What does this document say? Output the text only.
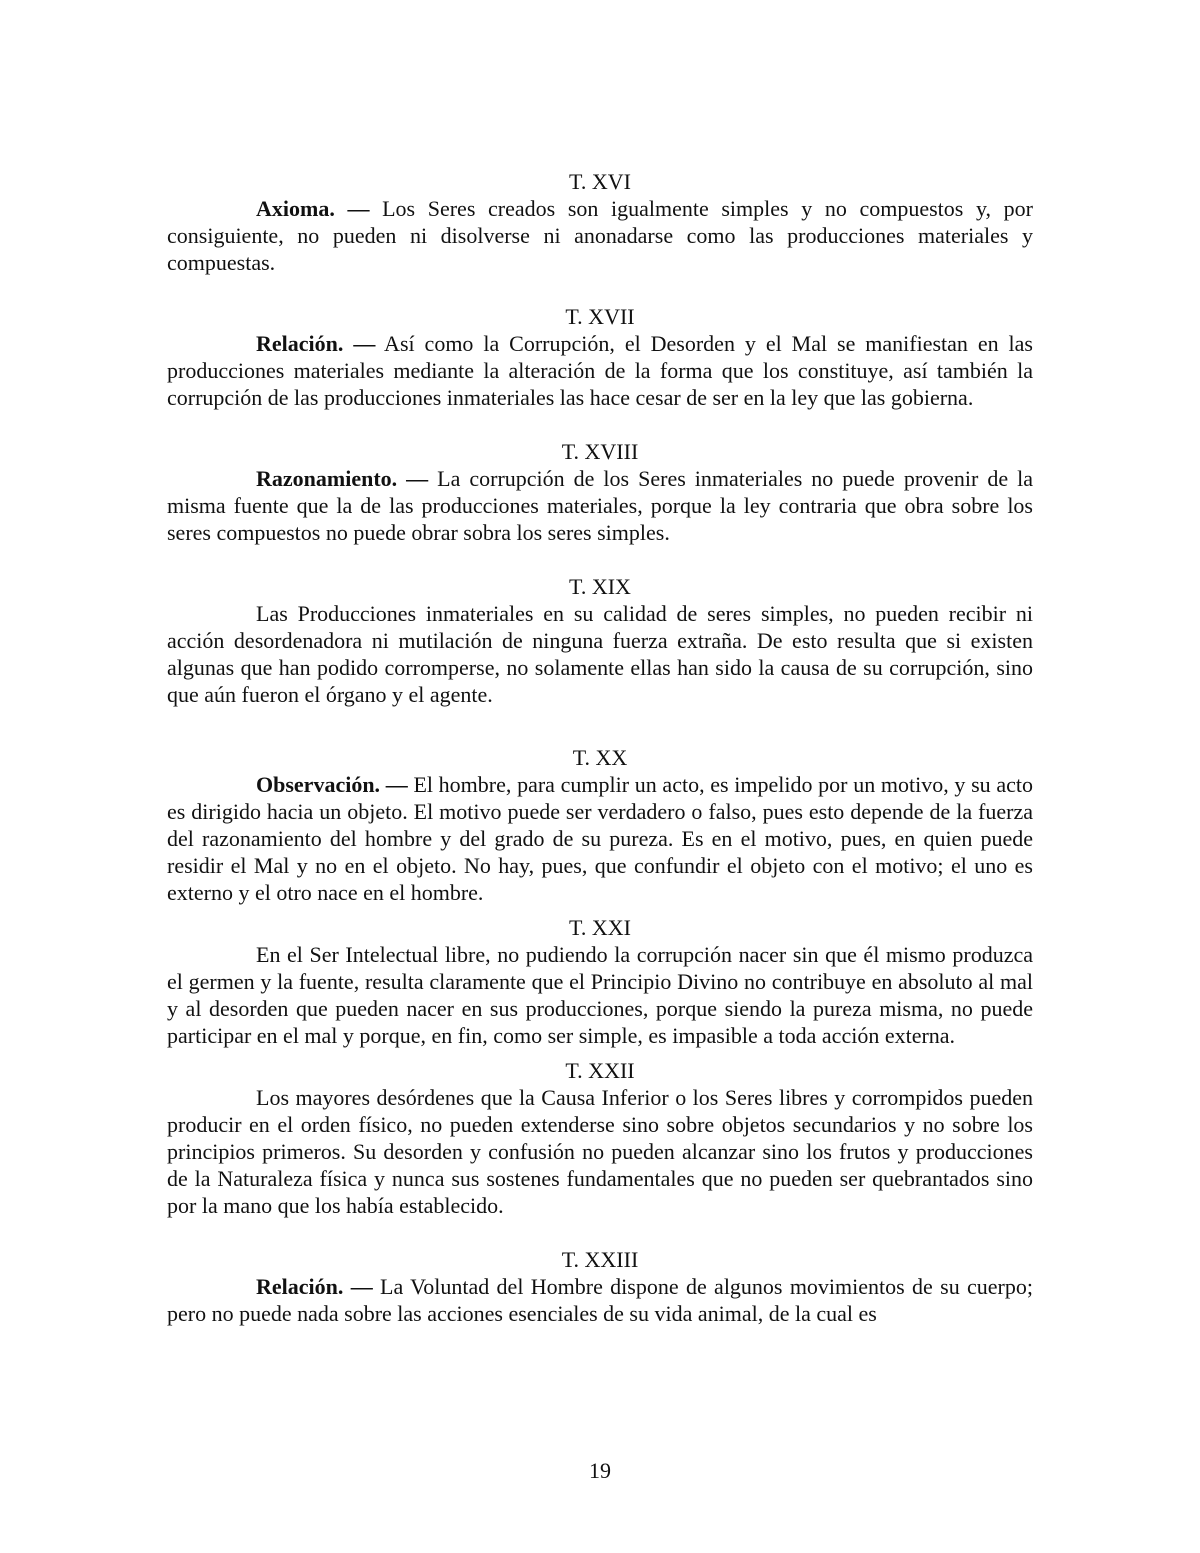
T. XVI

Axioma. — Los Seres creados son igualmente simples y no compuestos y, por consiguiente, no pueden ni disolverse ni anonadarse como las producciones materiales y compuestas.

T. XVII

Relación. — Así como la Corrupción, el Desorden y el Mal se manifiestan en las producciones materiales mediante la alteración de la forma que los constituye, así también la corrupción de las producciones inmateriales las hace cesar de ser en la ley que las gobierna.

T. XVIII

Razonamiento. — La corrupción de los Seres inmateriales no puede provenir de la misma fuente que la de las producciones materiales, porque la ley contraria que obra sobre los seres compuestos no puede obrar sobra los seres simples.

T. XIX

Las Producciones inmateriales en su calidad de seres simples, no pueden recibir ni acción desordenadora ni mutilación de ninguna fuerza extraña. De esto resulta que si existen algunas que han podido corromperse, no solamente ellas han sido la causa de su corrupción, sino que aún fueron el órgano y el agente.

T. XX

Observación. — El hombre, para cumplir un acto, es impelido por un motivo, y su acto es dirigido hacia un objeto. El motivo puede ser verdadero o falso, pues esto depende de la fuerza del razonamiento del hombre y del grado de su pureza. Es en el motivo, pues, en quien puede residir el Mal y no en el objeto. No hay, pues, que confundir el objeto con el motivo; el uno es externo y el otro nace en el hombre.

T. XXI

En el Ser Intelectual libre, no pudiendo la corrupción nacer sin que él mismo produzca el germen y la fuente, resulta claramente que el Principio Divino no contribuye en absoluto al mal y al desorden que pueden nacer en sus producciones, porque siendo la pureza misma, no puede participar en el mal y porque, en fin, como ser simple, es impasible a toda acción externa.

T. XXII

Los mayores desórdenes que la Causa Inferior o los Seres libres y corrompidos pueden producir en el orden físico, no pueden extenderse sino sobre objetos secundarios y no sobre los principios primeros. Su desorden y confusión no pueden alcanzar sino los frutos y producciones de la Naturaleza física y nunca sus sostenes fundamentales que no pueden ser quebrantados sino por la mano que los había establecido.

T. XXIII

Relación. — La Voluntad del Hombre dispone de algunos movimientos de su cuerpo; pero no puede nada sobre las acciones esenciales de su vida animal, de la cual es

19
